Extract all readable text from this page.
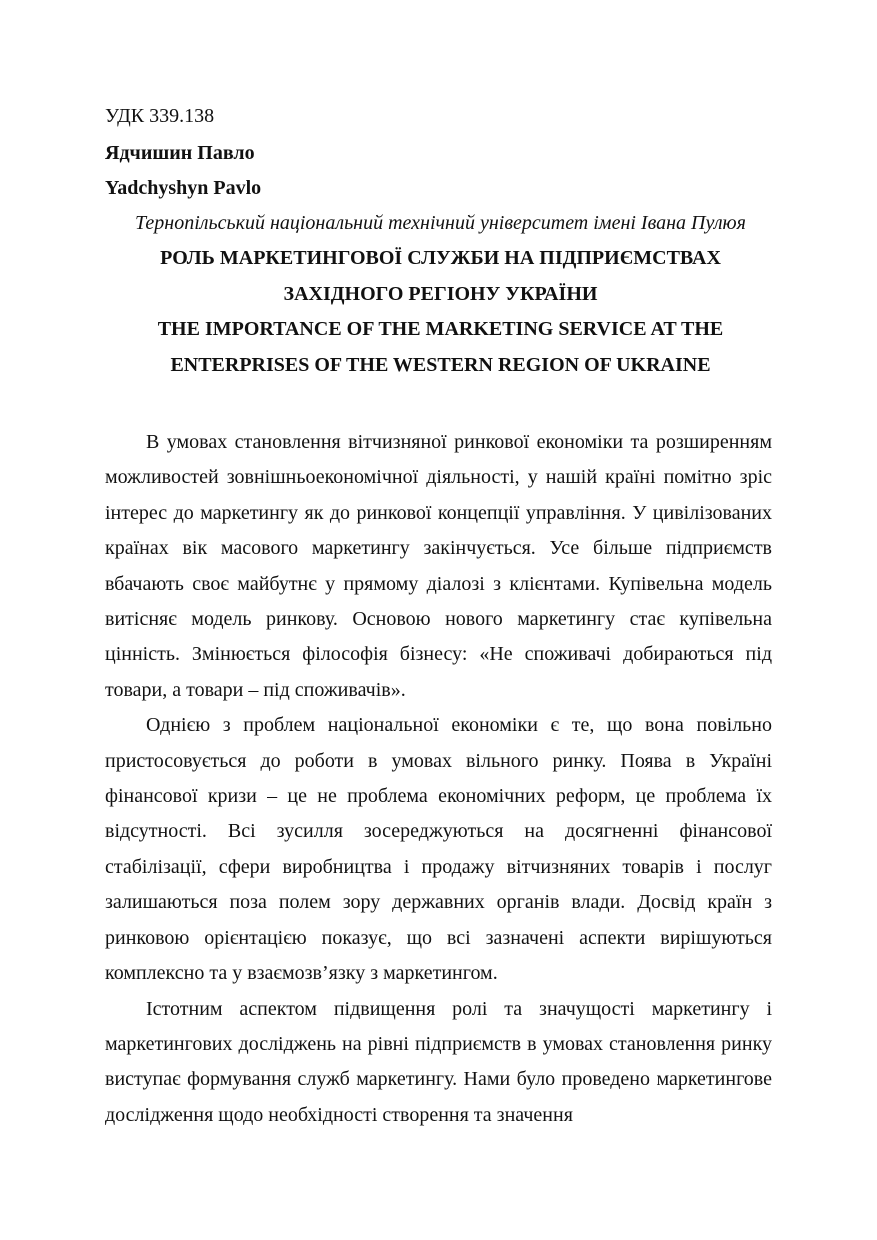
УДК 339.138
Ядчишин Павло
Yadchyshyn Pavlo
Тернопільський національний технічний університет імені Івана Пулюя
РОЛЬ МАРКЕТИНГОВОЇ СЛУЖБИ НА ПІДПРИЄМСТВАХ
ЗАХІДНОГО РЕГІОНУ УКРАЇНИ
THE IMPORTANCE OF THE MARKETING SERVICE AT THE
ENTERPRISES OF THE WESTERN REGION OF UKRAINE

В умовах становлення вітчизняної ринкової економіки та розширенням можливостей зовнішньоекономічної діяльності, у нашій країні помітно зріс інтерес до маркетингу як до ринкової концепції управління. У цивілізованих країнах вік масового маркетингу закінчується. Усе більше підприємств вбачають своє майбутнє у прямому діалозі з клієнтами. Купівельна модель витісняє модель ринкову. Основою нового маркетингу стає купівельна цінність. Змінюється філософія бізнесу: «Не споживачі добираються під товари, а товари – під споживачів».

Однією з проблем національної економіки є те, що вона повільно пристосовується до роботи в умовах вільного ринку. Поява в Україні фінансової кризи – це не проблема економічних реформ, це проблема їх відсутності. Всі зусилля зосереджуються на досягненні фінансової стабілізації, сфери виробництва і продажу вітчизняних товарів і послуг залишаються поза полем зору державних органів влади. Досвід країн з ринковою орієнтацією показує, що всі зазначені аспекти вирішуються комплексно та у взаємозв’язку з маркетингом.

Істотним аспектом підвищення ролі та значущості маркетингу і маркетингових досліджень на рівні підприємств в умовах становлення ринку виступає формування служб маркетингу. Нами було проведено маркетингове дослідження щодо необхідності створення та значення
